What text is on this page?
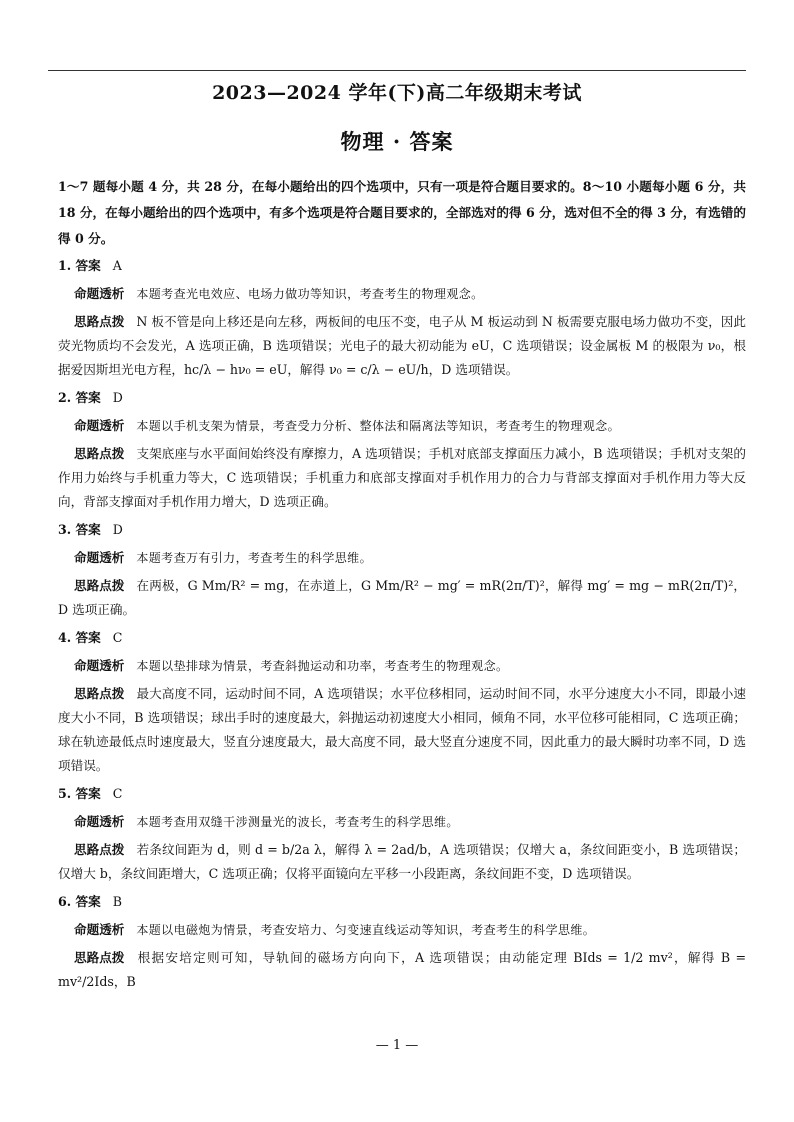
2023—2024 学年(下)高二年级期末考试
物理 · 答案

1～7 题每小题 4 分，共 28 分，在每小题给出的四个选项中，只有一项是符合题目要求的。8～10 小题每小题 6 分，共 18 分，在每小题给出的四个选项中，有多个选项是符合题目要求的，全部选对的得 6 分，选对但不全的得 3 分，有选错的得 0 分。

1. 答案 A
命题透析 本题考查光电效应、电场力做功等知识，考查考生的物理观念。
思路点拨 N 板不管是向上移还是向左移，两板间的电压不变，电子从 M 板运动到 N 板需要克服电场力做功不变，因此荧光物质均不会发光，A 选项正确，B 选项错误；光电子的最大初动能为 eU，C 选项错误；设金属板 M 的极限为 ν₀，根据爱因斯坦光电方程，hc/λ − hν₀ = eU，解得 ν₀ = c/λ − eU/h，D 选项错误。
2. 答案 D
命题透析 本题以手机支架为情景，考查受力分析、整体法和隔离法等知识，考查考生的物理观念。
思路点拨 支架底座与水平面间始终没有摩擦力，A 选项错误；手机对底部支撑面压力减小，B 选项错误；手机对支架的作用力始终与手机重力等大，C 选项错误；手机重力和底部支撑面对手机作用力的合力与背部支撑面对手机作用力等大反向，背部支撑面对手机作用力增大，D 选项正确。
3. 答案 D
命题透析 本题考查万有引力，考查考生的科学思维。
思路点拨 在两极，G Mm/R² = mg，在赤道上，G Mm/R² − mg′ = mR(2π/T)²，解得 mg′ = mg − mR(2π/T)²，D 选项正确。
4. 答案 C
命题透析 本题以垫排球为情景，考查斜抛运动和功率，考查考生的物理观念。
思路点拨 最大高度不同，运动时间不同，A 选项错误；水平位移相同，运动时间不同，水平分速度大小不同，即最小速度大小不同，B 选项错误；球出手时的速度最大，斜抛运动初速度大小相同，倾角不同，水平位移可能相同，C 选项正确；球在轨迹最低点时速度最大，竖直分速度最大，最大高度不同，最大竖直分速度不同，因此重力的最大瞬时功率不同，D 选项错误。
5. 答案 C
命题透析 本题考查用双缝干涉测量光的波长，考查考生的科学思维。
思路点拨 若条纹间距为 d，则 d = b/2a λ，解得 λ = 2ad/b，A 选项错误；仅增大 a，条纹间距变小，B 选项错误；仅增大 b，条纹间距增大，C 选项正确；仅将平面镜向左平移一小段距离，条纹间距不变，D 选项错误。
6. 答案 B
命题透析 本题以电磁炮为情景，考查安培力、匀变速直线运动等知识，考查考生的科学思维。
思路点拨 根据安培定则可知，导轨间的磁场方向向下，A 选项错误；由动能定理 BIds = 1/2 mv²，解得 B = mv²/2Ids，B
— 1 —
